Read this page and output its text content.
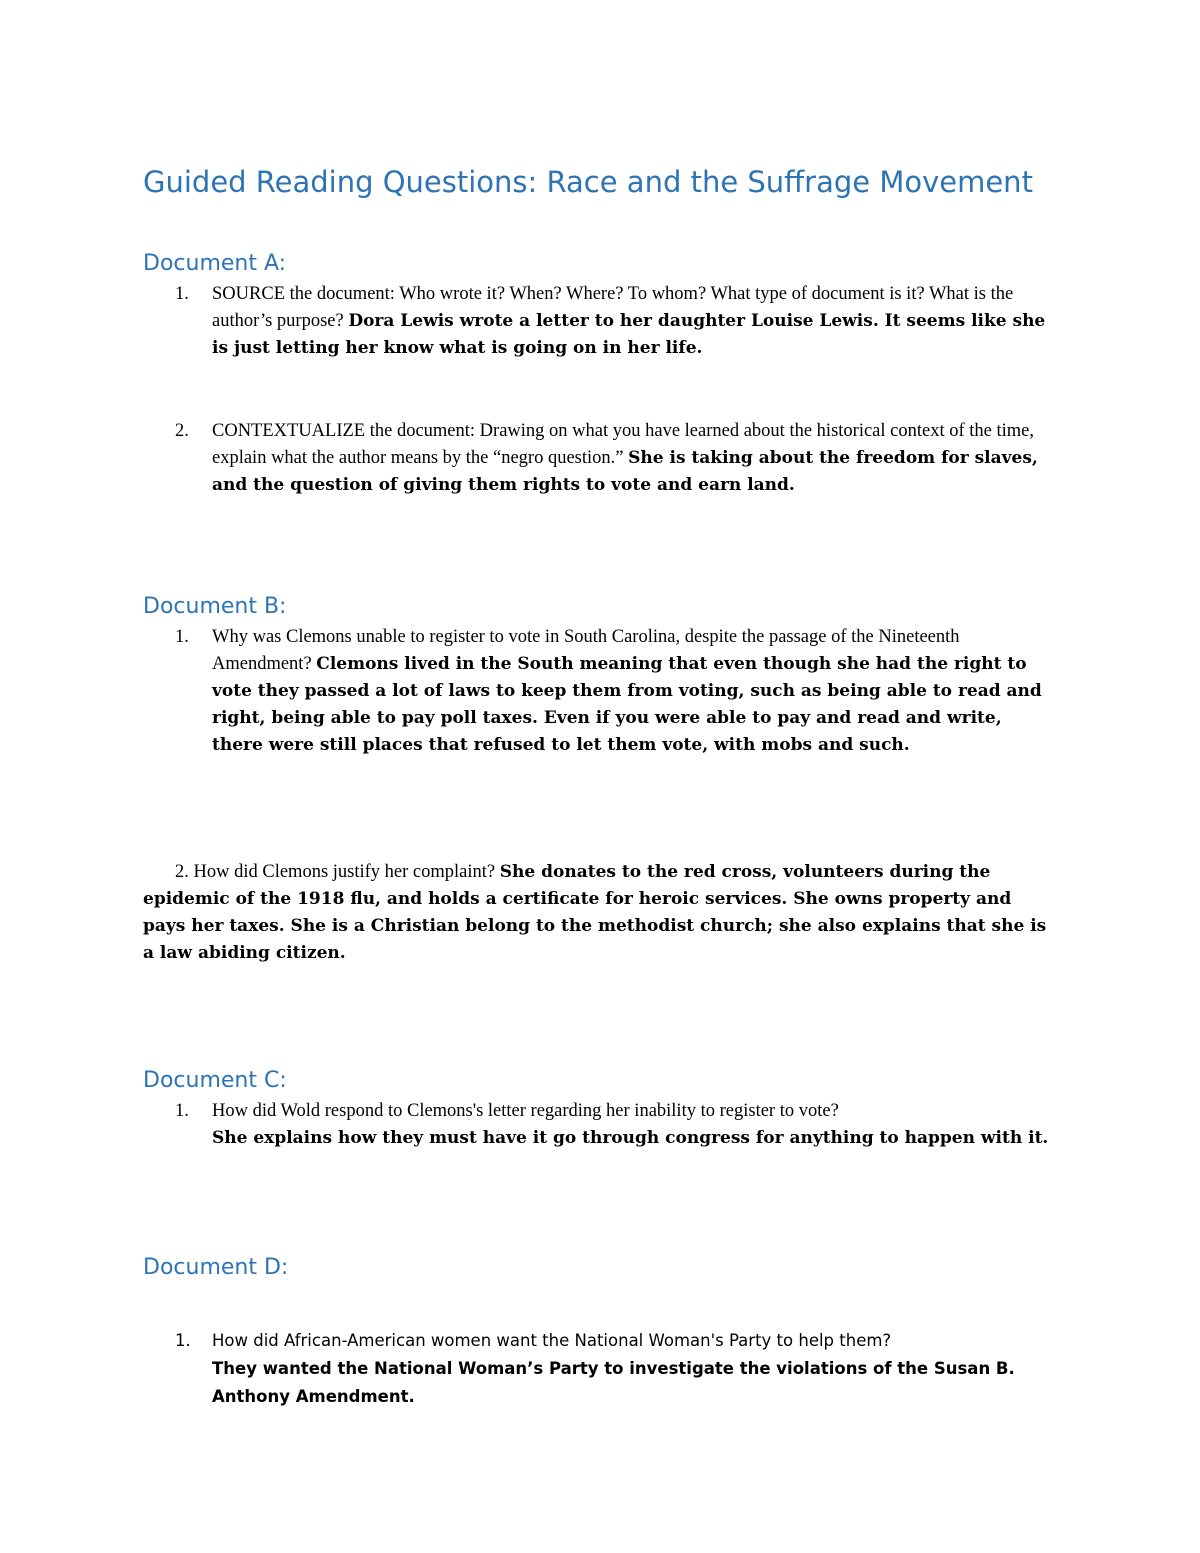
Guided Reading Questions: Race and the Suffrage Movement
Document A:
1. SOURCE the document: Who wrote it? When? Where? To whom? What type of document is it? What is the author’s purpose? Dora Lewis wrote a letter to her daughter Louise Lewis. It seems like she is just letting her know what is going on in her life.
2. CONTEXTUALIZE the document: Drawing on what you have learned about the historical context of the time, explain what the author means by the “negro question.” She is taking about the freedom for slaves, and the question of giving them rights to vote and earn land.
Document B:
1. Why was Clemons unable to register to vote in South Carolina, despite the passage of the Nineteenth Amendment? Clemons lived in the South meaning that even though she had the right to vote they passed a lot of laws to keep them from voting, such as being able to read and right, being able to pay poll taxes. Even if you were able to pay and read and write, there were still places that refused to let them vote, with mobs and such.
2. How did Clemons justify her complaint? She donates to the red cross, volunteers during the epidemic of the 1918 flu, and holds a certificate for heroic services. She owns property and pays her taxes. She is a Christian belong to the methodist church; she also explains that she is a law abiding citizen.
Document C:
1. How did Wold respond to Clemons's letter regarding her inability to register to vote?
She explains how they must have it go through congress for anything to happen with it.
Document D:
1. How did African-American women want the National Woman's Party to help them?
They wanted the National Woman’s Party to investigate the violations of the Susan B. Anthony Amendment.
